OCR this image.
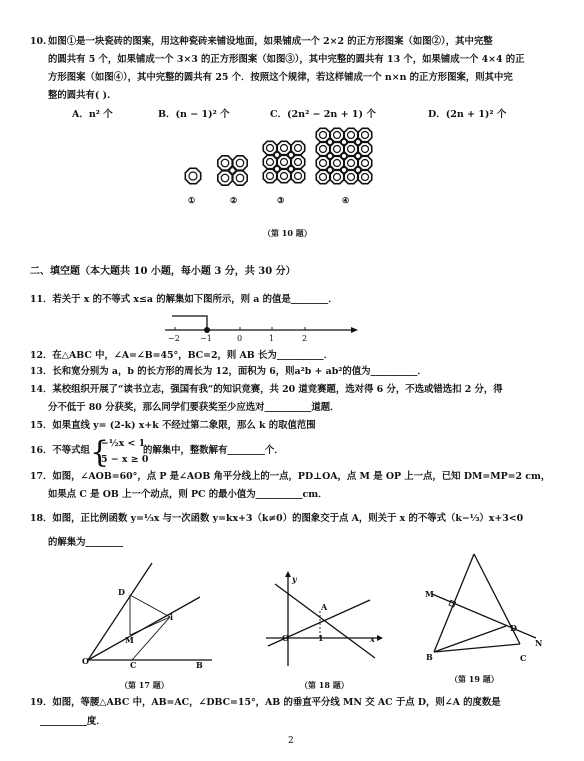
10. 如图①是一块瓷砖的图案，用这种瓷砖来铺设地面，如果铺成一个 2×2 的正方形图案（如图②），其中完整
的圆共有 5 个，如果铺成一个 3×3 的正方形图案（如图③），其中完整的圆共有 13 个，如果铺成一个 4×4 的正
方形图案（如图④），其中完整的圆共有 25 个．按照这个规律，若这样铺成一个 n×n 的正方形图案，则其中完
整的圆共有( ).
A．n² 个	B．(n − 1)² 个	C．(2n² − 2n + 1) 个	D．(2n + 1)² 个
①	②	③	④
（第 10 题）
二、填空题（本大题共 10 小题，每小题 3 分，共 30 分）
11．若关于 x 的不等式 x≤a 的解集如下图所示，则 a 的值是________．
−2	−1	0	1	2
12．在△ABC 中，∠A=∠B=45°，BC=2，则 AB 长为__________．
13．长和宽分别为 a，b 的长方形的周长为 12，面积为 6，则a²b + ab²的值为__________．
14．某校组织开展了“读书立志，强国有我”的知识竞赛，共 20 道竞赛题，选对得 6 分，不选或错选扣 2 分，得
分不低于 80 分获奖，那么同学们要获奖至少应选对__________道题．
15．如果直线 y= (2-k) x+k 不经过第二象限，那么 k 的取值范围
16．不等式组 {
−½x < 1
5 − x ≥ 0
的解集中，整数解有________个．
17．如图，∠AOB=60°，点 P 是∠AOB 角平分线上的一点，PD⊥OA，点 M 是 OP 上一点，已知 DM=MP=2 cm，
如果点 C 是 OB 上一个动点，则 PC 的最小值为__________cm．
18．如图，正比例函数 y=⅓x 与一次函数 y=kx+3（k≠0）的图象交于点 A，则关于 x 的不等式（k−⅓）x+3<0
的解集为________
D
M
O	C	B
i
（第 17 题）
y
A
O	1	x
（第 18 题）
M
D
B	C
N
（第 19 题）
19．如图，等腰△ABC 中，AB=AC，∠DBC=15°，AB 的垂直平分线 MN 交 AC 于点 D，则∠A 的度数是
__________度．
2
